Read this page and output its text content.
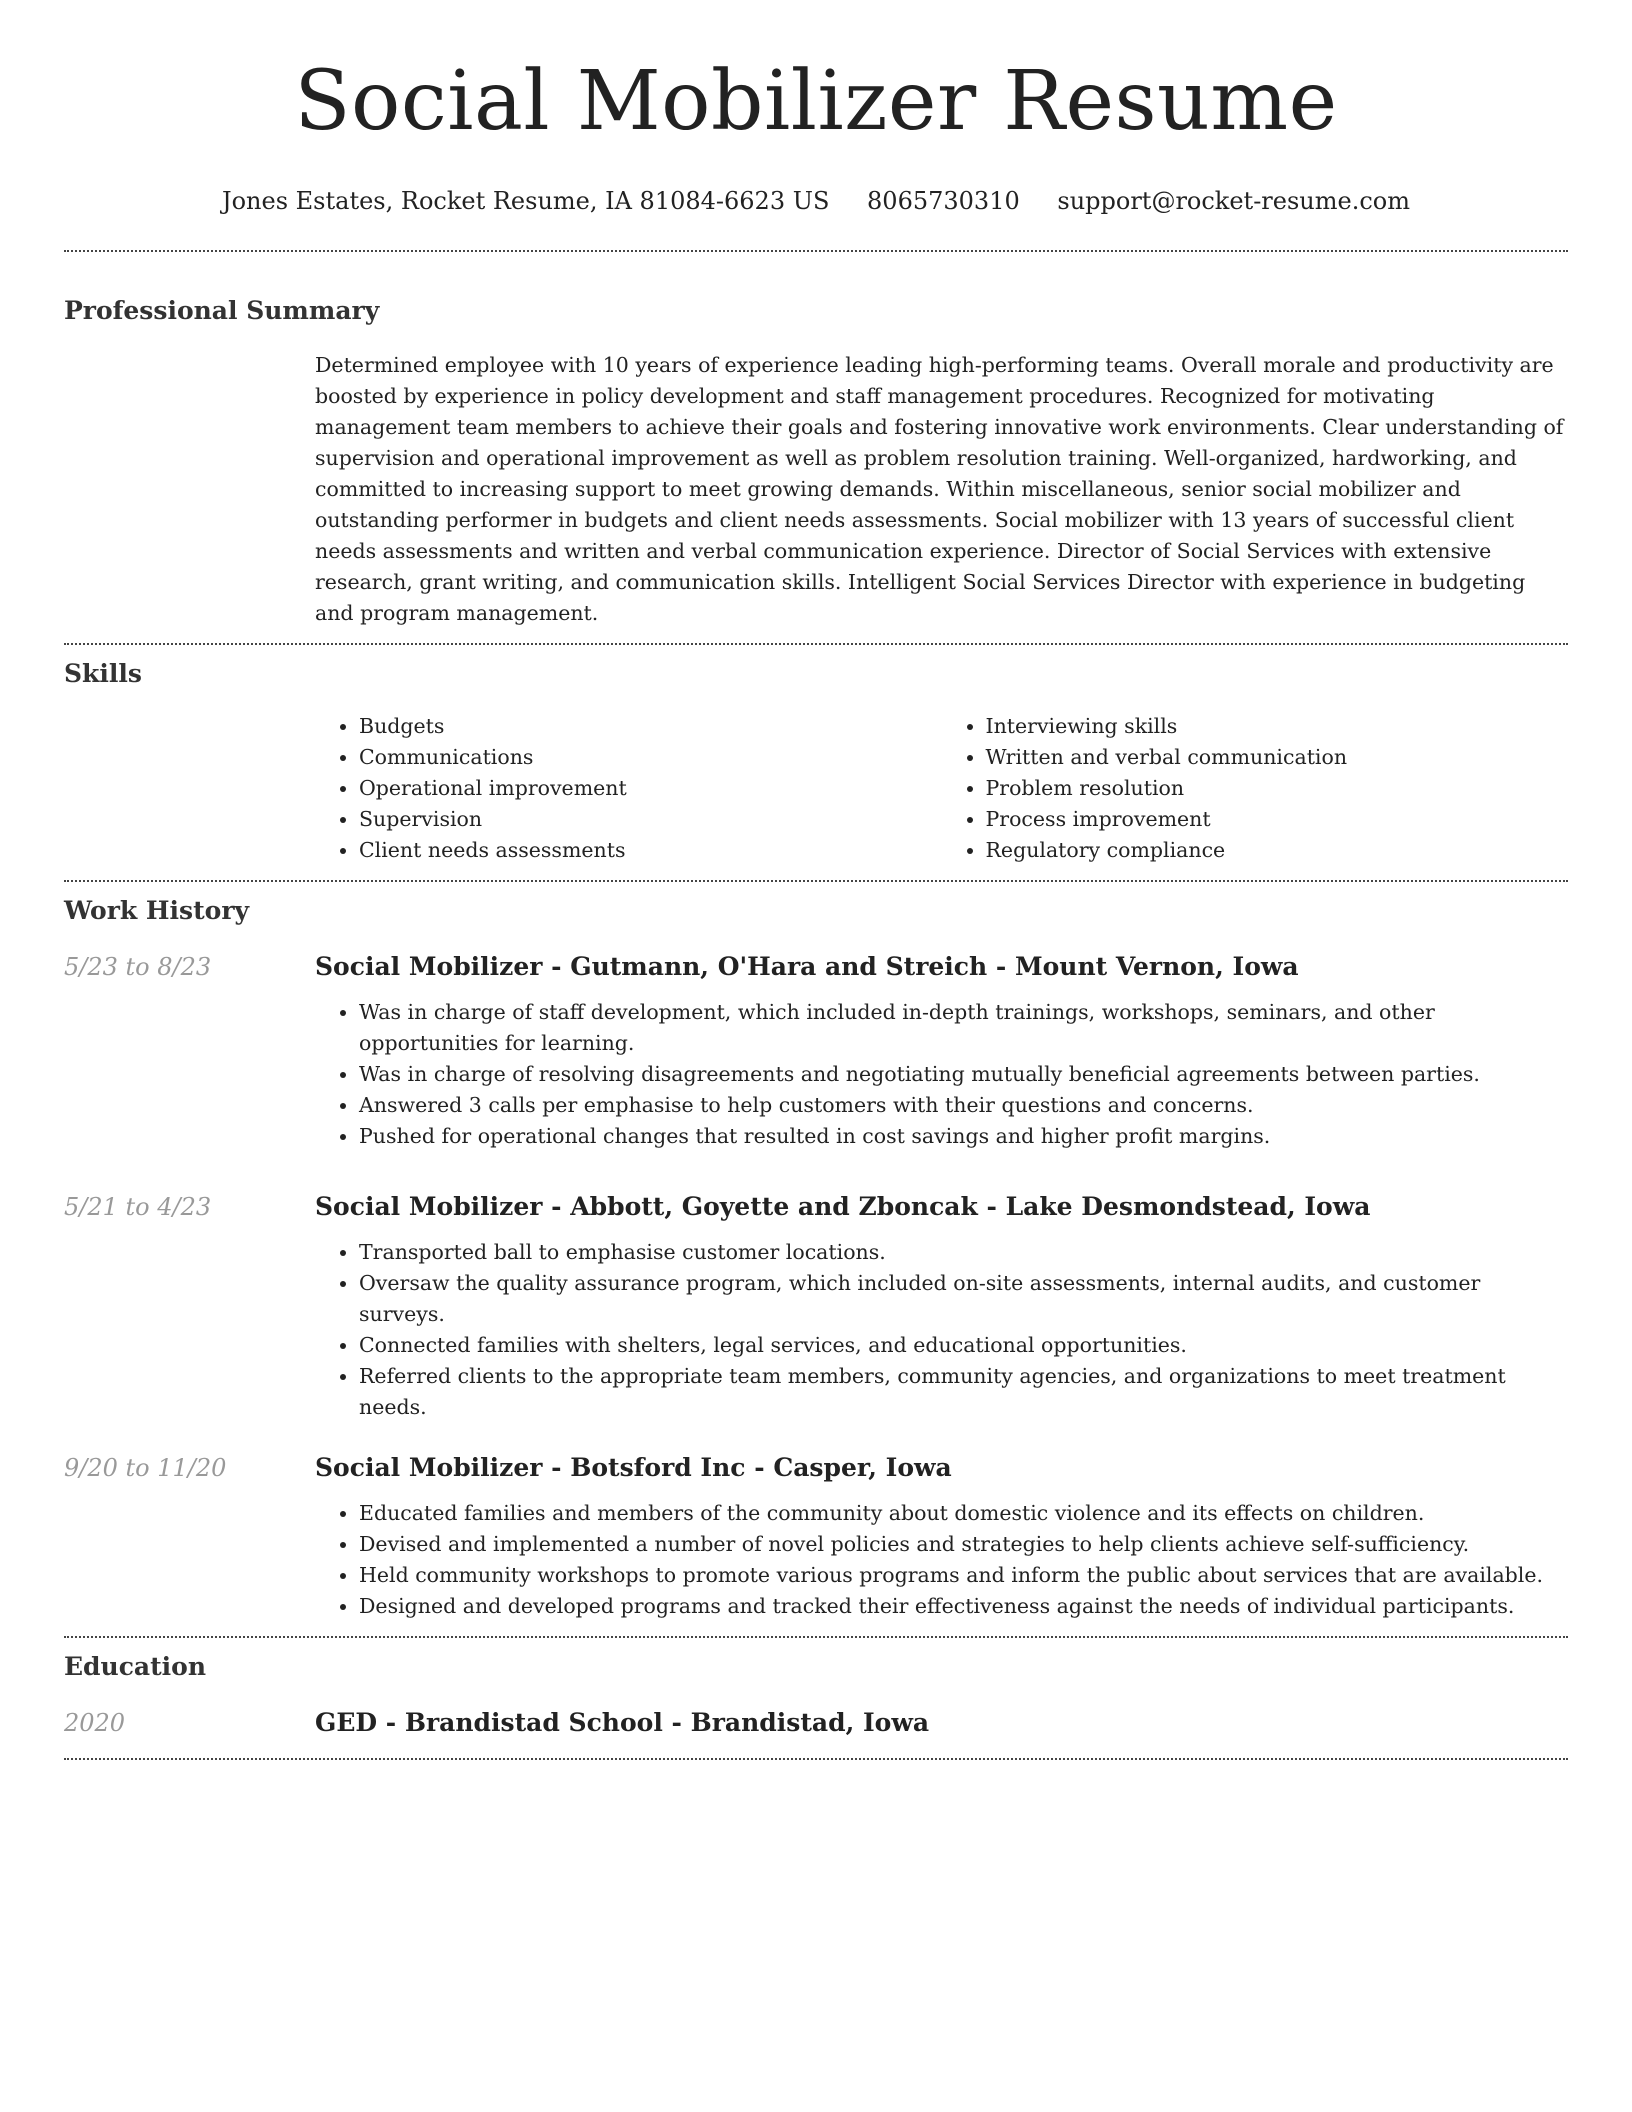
Social Mobilizer Resume
Jones Estates, Rocket Resume, IA 81084-6623 US 8065730310 support@rocket-resume.com
Professional Summary

Determined employee with 10 years of experience leading high-performing teams. Overall morale and productivity are boosted by experience in policy development and staff management procedures. Recognized for motivating management team members to achieve their goals and fostering innovative work environments. Clear understanding of supervision and operational improvement as well as problem resolution training. Well-organized, hardworking, and committed to increasing support to meet growing demands. Within miscellaneous, senior social mobilizer and outstanding performer in budgets and client needs assessments. Social mobilizer with 13 years of successful client needs assessments and written and verbal communication experience. Director of Social Services with extensive research, grant writing, and communication skills. Intelligent Social Services Director with experience in budgeting and program management.

Skills
• Budgets
• Communications
• Operational improvement
• Supervision
• Client needs assessments
• Interviewing skills
• Written and verbal communication
• Problem resolution
• Process improvement
• Regulatory compliance
Work History
5/23 to 8/23	Social Mobilizer - Gutmann, O'Hara and Streich - Mount Vernon, Iowa
• Was in charge of staff development, which included in-depth trainings, workshops, seminars, and other opportunities for learning.
• Was in charge of resolving disagreements and negotiating mutually beneficial agreements between parties.
• Answered 3 calls per emphasise to help customers with their questions and concerns.
• Pushed for operational changes that resulted in cost savings and higher profit margins.
5/21 to 4/23	Social Mobilizer - Abbott, Goyette and Zboncak - Lake Desmondstead, Iowa
• Transported ball to emphasise customer locations.
• Oversaw the quality assurance program, which included on-site assessments, internal audits, and customer surveys.
• Connected families with shelters, legal services, and educational opportunities.
• Referred clients to the appropriate team members, community agencies, and organizations to meet treatment needs.
9/20 to 11/20	Social Mobilizer - Botsford Inc - Casper, Iowa
• Educated families and members of the community about domestic violence and its effects on children.
• Devised and implemented a number of novel policies and strategies to help clients achieve self-sufficiency.
• Held community workshops to promote various programs and inform the public about services that are available.
• Designed and developed programs and tracked their effectiveness against the needs of individual participants.
Education
2020	GED - Brandistad School - Brandistad, Iowa
